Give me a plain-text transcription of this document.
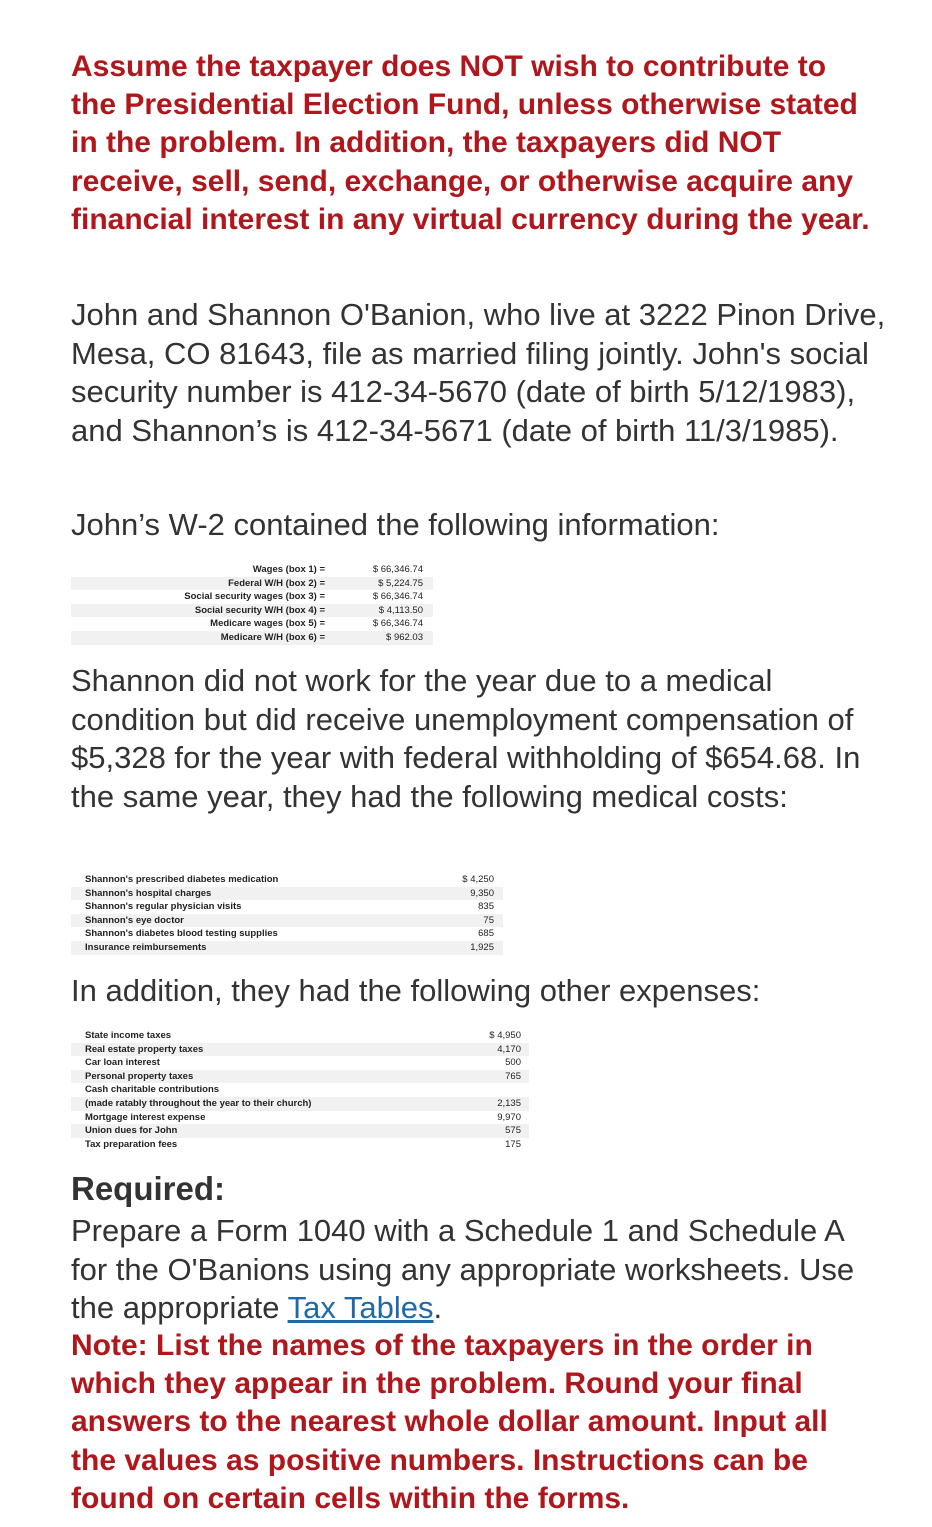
Assume the taxpayer does NOT wish to contribute to the Presidential Election Fund, unless otherwise stated in the problem. In addition, the taxpayers did NOT receive, sell, send, exchange, or otherwise acquire any financial interest in any virtual currency during the year.

John and Shannon O'Banion, who live at 3222 Pinon Drive, Mesa, CO 81643, file as married filing jointly. John's social security number is 412-34-5670 (date of birth 5/12/1983), and Shannon’s is 412-34-5671 (date of birth 11/3/1985).

John’s W-2 contained the following information:

Wages (box 1) =	$ 66,346.74
Federal W/H (box 2) =	$ 5,224.75
Social security wages (box 3) =	$ 66,346.74
Social security W/H (box 4) =	$ 4,113.50
Medicare wages (box 5) =	$ 66,346.74
Medicare W/H (box 6) =	$ 962.03

Shannon did not work for the year due to a medical condition but did receive unemployment compensation of $5,328 for the year with federal withholding of $654.68. In the same year, they had the following medical costs:

Shannon's prescribed diabetes medication	$ 4,250
Shannon's hospital charges	9,350
Shannon's regular physician visits	835
Shannon's eye doctor	75
Shannon's diabetes blood testing supplies	685
Insurance reimbursements	1,925

In addition, they had the following other expenses:

State income taxes	$ 4,950
Real estate property taxes	4,170
Car loan interest	500
Personal property taxes	765
Cash charitable contributions
(made ratably throughout the year to their church)	2,135
Mortgage interest expense	9,970
Union dues for John	575
Tax preparation fees	175

Required:

Prepare a Form 1040 with a Schedule 1 and Schedule A for the O'Banions using any appropriate worksheets. Use the appropriate Tax Tables.

Note: List the names of the taxpayers in the order in which they appear in the problem. Round your final answers to the nearest whole dollar amount. Input all the values as positive numbers. Instructions can be found on certain cells within the forms.
